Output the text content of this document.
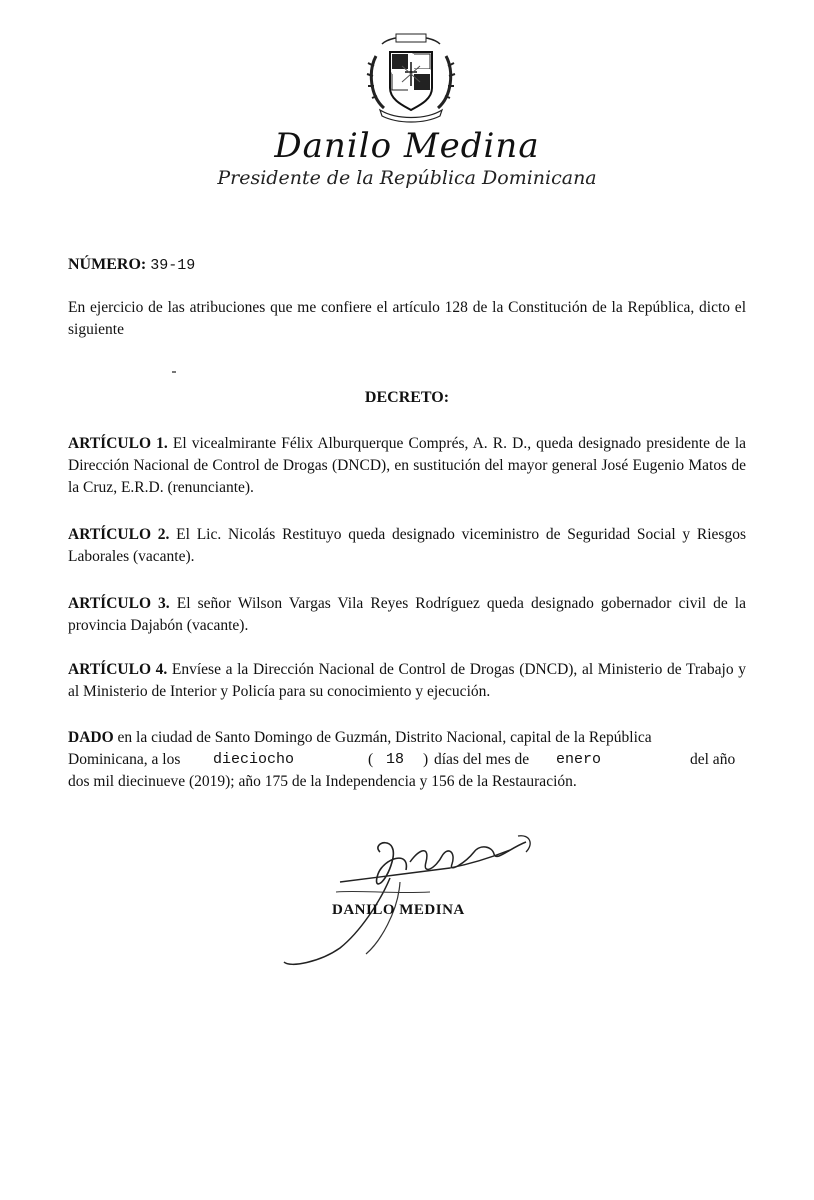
Danilo Medina
Presidente de la República Dominicana
NÚMERO: 39-19
En ejercicio de las atribuciones que me confiere el artículo 128 de la Constitución de la República, dicto el siguiente
DECRETO:
ARTÍCULO 1. El vicealmirante Félix Alburquerque Comprés, A. R. D., queda designado presidente de la Dirección Nacional de Control de Drogas (DNCD), en sustitución del mayor general José Eugenio Matos de la Cruz, E.R.D. (renunciante).
ARTÍCULO 2. El Lic. Nicolás Restituyo queda designado viceministro de Seguridad Social y Riesgos Laborales (vacante).
ARTÍCULO 3. El señor Wilson Vargas Vila Reyes Rodríguez queda designado gobernador civil de la provincia Dajabón (vacante).
ARTÍCULO 4. Envíese a la Dirección Nacional de Control de Drogas (DNCD), al Ministerio de Trabajo y al Ministerio de Interior y Policía para su conocimiento y ejecución.
DADO en la ciudad de Santo Domingo de Guzmán, Distrito Nacional, capital de la República
Dominicana, a los dieciocho	( 18 ) días del mes de enero	del año
dos mil diecinueve (2019); año 175 de la Independencia y 156 de la Restauración.
DANILO MEDINA
